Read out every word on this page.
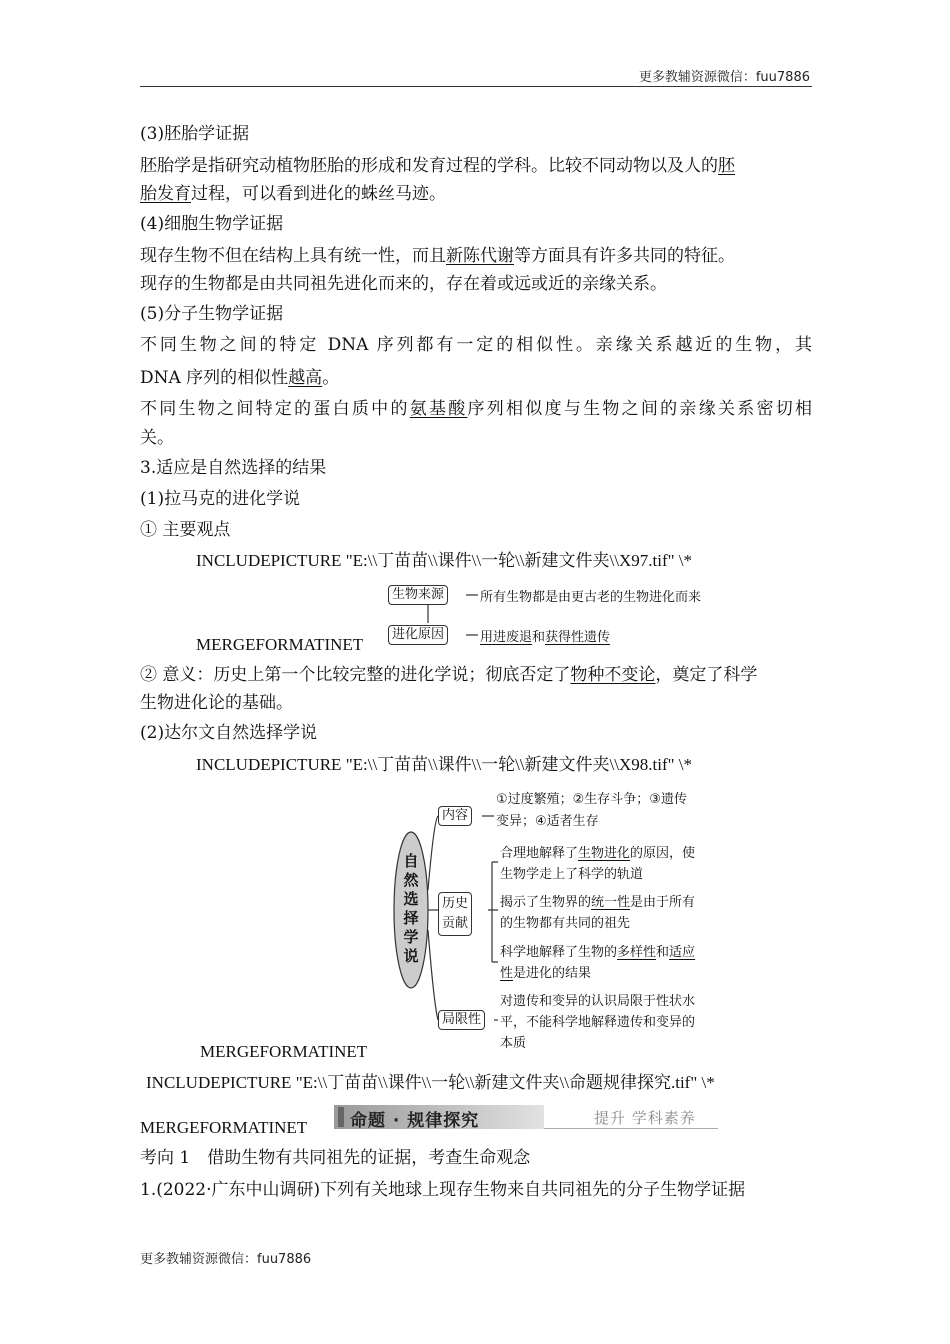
更多教辅资源微信：fuu7886
(3)胚胎学证据
胚胎学是指研究动植物胚胎的形成和发育过程的学科。比较不同动物以及人的胚
胎发育过程，可以看到进化的蛛丝马迹。
(4)细胞生物学证据
现存生物不但在结构上具有统一性，而且新陈代谢等方面具有许多共同的特征。
现存的生物都是由共同祖先进化而来的，存在着或远或近的亲缘关系。
(5)分子生物学证据
不同生物之间的特定 DNA 序列都有一定的相似性。亲缘关系越近的生物，其
DNA 序列的相似性越高。
不同生物之间特定的蛋白质中的氨基酸序列相似度与生物之间的亲缘关系密切相
关。
3.适应是自然选择的结果
(1)拉马克的进化学说
① 主要观点
INCLUDEPICTURE "E:\\丁苗苗\\课件\\一轮\\新建文件夹\\X97.tif" \*
MERGEFORMATINET
② 意义：历史上第一个比较完整的进化学说；彻底否定了物种不变论，奠定了科学
生物进化论的基础。
(2)达尔文自然选择学说
INCLUDEPICTURE "E:\\丁苗苗\\课件\\一轮\\新建文件夹\\X98.tif" \*
MERGEFORMATINET
INCLUDEPICTURE "E:\\丁苗苗\\课件\\一轮\\新建文件夹\\命题规律探究.tif" \*
MERGEFORMATINET
考向 1　借助生物有共同祖先的证据，考查生命观念
1.(2022·广东中山调研)下列有关地球上现存生物来自共同祖先的分子生物学证据
生物来源	所有生物都是由更古老的生物进化而来
进化原因	用进废退和获得性遗传
自
然
选
择
学
说
内容
①过度繁殖；②生存斗争；③遗传
变异；④适者生存
历史
贡献
合理地解释了生物进化的原因，使
生物学走上了科学的轨道
揭示了生物界的统一性是由于所有
的生物都有共同的祖先
科学地解释了生物的多样性和适应
性是进化的结果
局限性
对遗传和变异的认识局限于性状水
平，不能科学地解释遗传和变异的
本质
命题 · 规律探究	提升 学科素养
更多教辅资源微信：fuu7886
